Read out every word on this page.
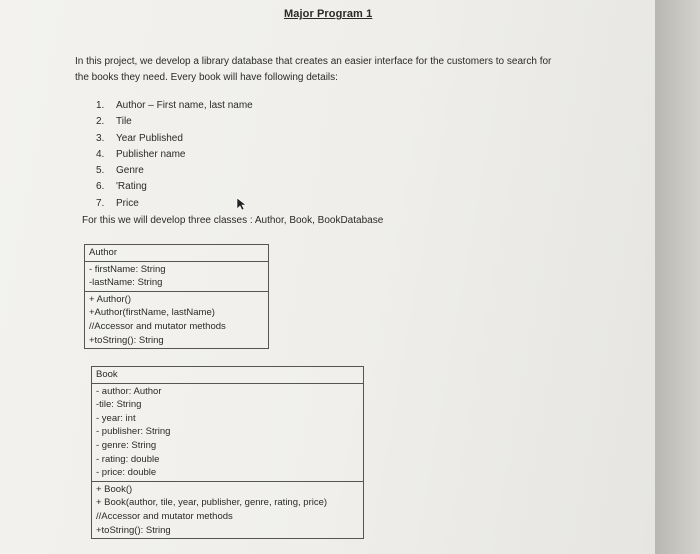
Major Program 1
In this project, we develop a library database that creates an easier interface for the customers to search for the books they need. Every book will have following details:
1. Author – First name, last name
2. Tile
3. Year Published
4. Publisher name
5. Genre
6. 'Rating
7. Price
For this we will develop three classes : Author, Book, BookDatabase
Author
- firstName: String
-lastName: String
+ Author()
+Author(firstName, lastName)
//Accessor and mutator methods
+toString(): String
Book
- author: Author
-tile: String
- year: int
- publisher: String
- genre: String
- rating: double
- price: double
+ Book()
+ Book(author, tile, year, publisher, genre, rating, price)
//Accessor and mutator methods
+toString(): String
